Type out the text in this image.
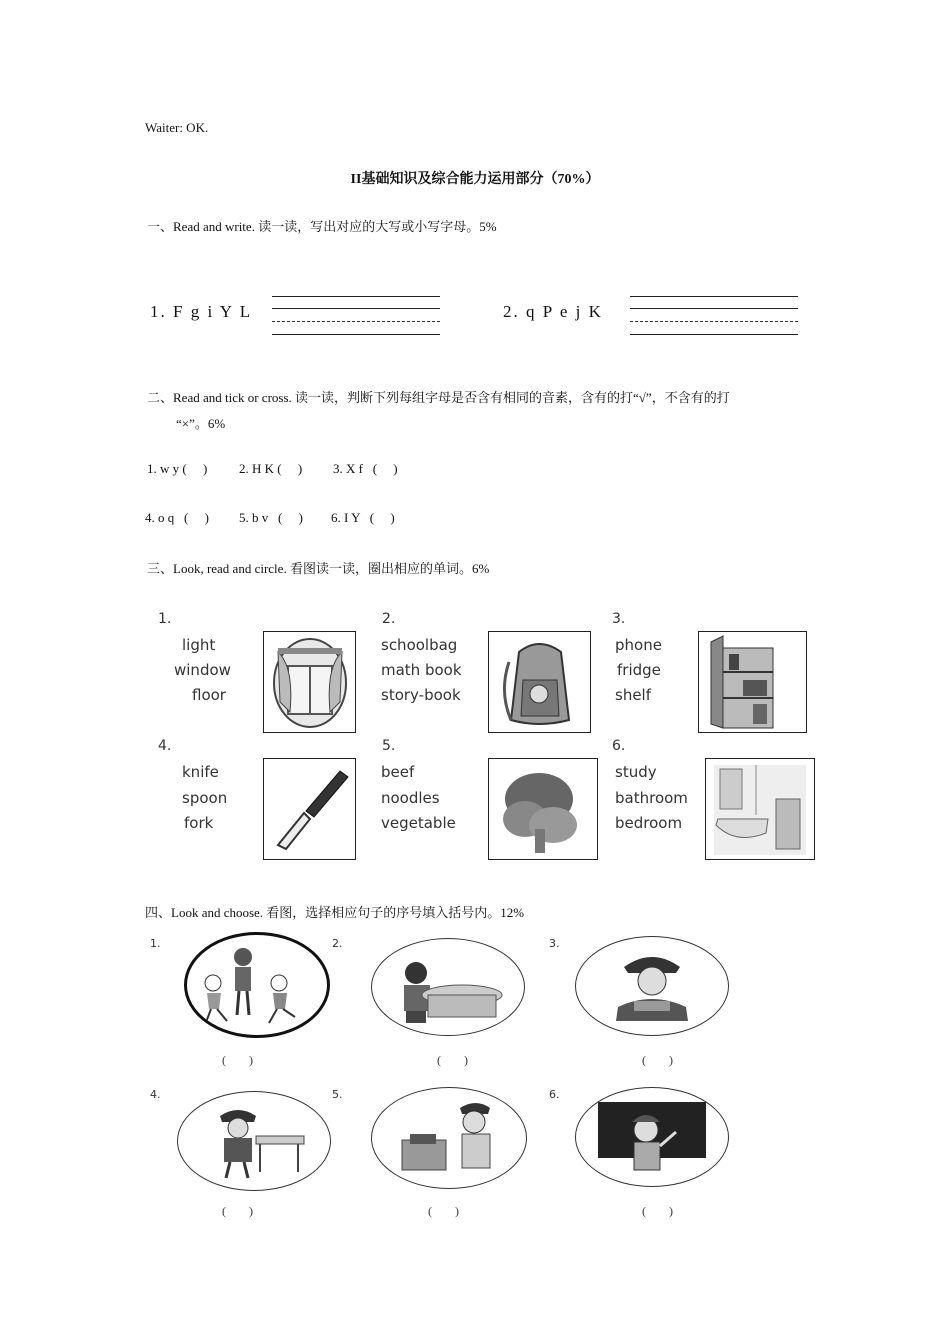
Waiter: OK.
II基础知识及综合能力运用部分（70%）
一、Read and write. 读一读，写出对应的大写或小写字母。5%
1. F g i Y L	2. q P e j K
二、Read and tick or cross. 读一读，判断下列每组字母是否含有相同的音素，含有的打“√”，不含有的打
“×”。6%
1. w y (     ) 2. H K (     ) 3. X f   (     )
4. o q   (     ) 5. b v   (     ) 6. I Y   (     )
三、Look, read and circle. 看图读一读，圈出相应的单词。6%
1.
light
window
floor
2.
schoolbag
math book
story-book
3.
phone
fridge
shelf
4.
knife
spoon
fork
5.
beef
noodles
vegetable
6.
study
bathroom
bedroom
四、Look and choose. 看图，选择相应句子的序号填入括号内。12%
1.
( )
2.
( )
3.
( )
4.
( )
5.
( )
6.
( )
